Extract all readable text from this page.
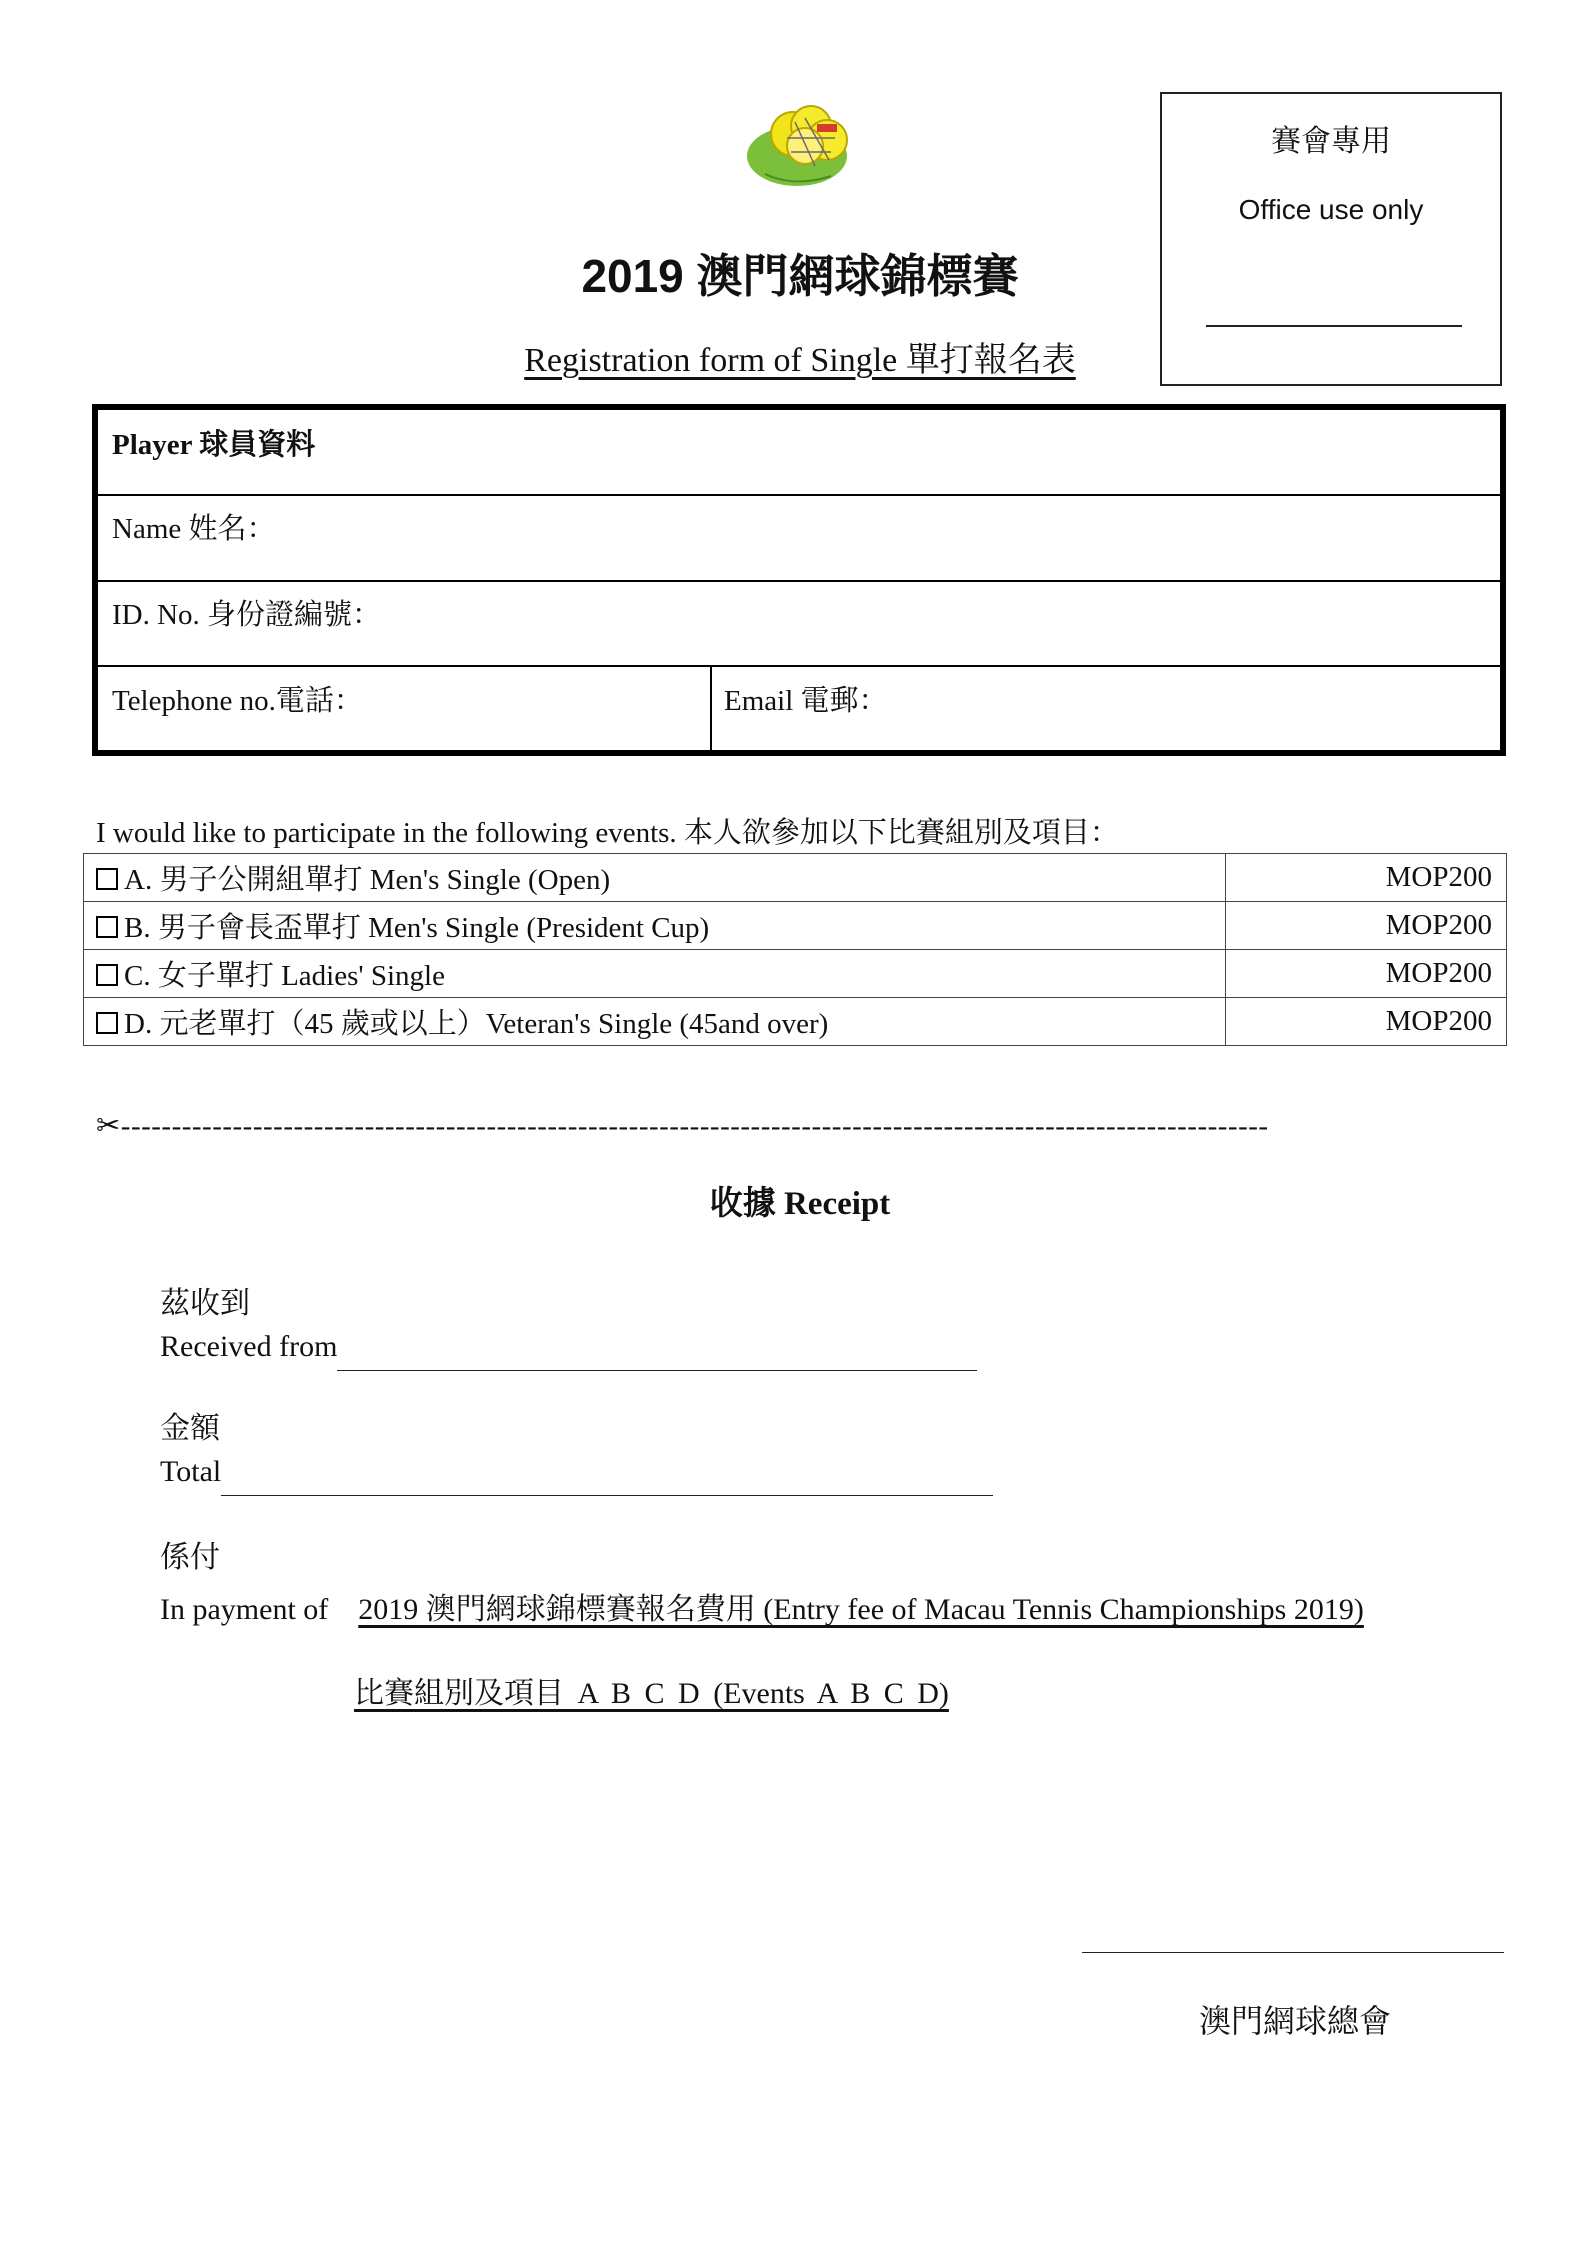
賽會專用
Office use only
2019 澳門網球錦標賽
Registration form of Single 單打報名表
Player 球員資料
Name 姓名：
ID. No. 身份證編號：
Telephone no.電話：	Email 電郵：
I would like to participate in the following events. 本人欲參加以下比賽組別及項目：
A. 男子公開組單打 Men's Single (Open)	MOP200
B. 男子會長盃單打 Men's Single (President Cup)	MOP200
C. 女子單打 Ladies' Single	MOP200
D. 元老單打（45 歲或以上）Veteran's Single (45and over)	MOP200
✂-----------------------------------------------------------------------------------------------------------------
收據 Receipt
茲收到
Received from
金額
Total
係付
In payment of 2019 澳門網球錦標賽報名費用 (Entry fee of Macau Tennis Championships 2019)
比賽組別及項目 A B C D (Events A B C D)
澳門網球總會
